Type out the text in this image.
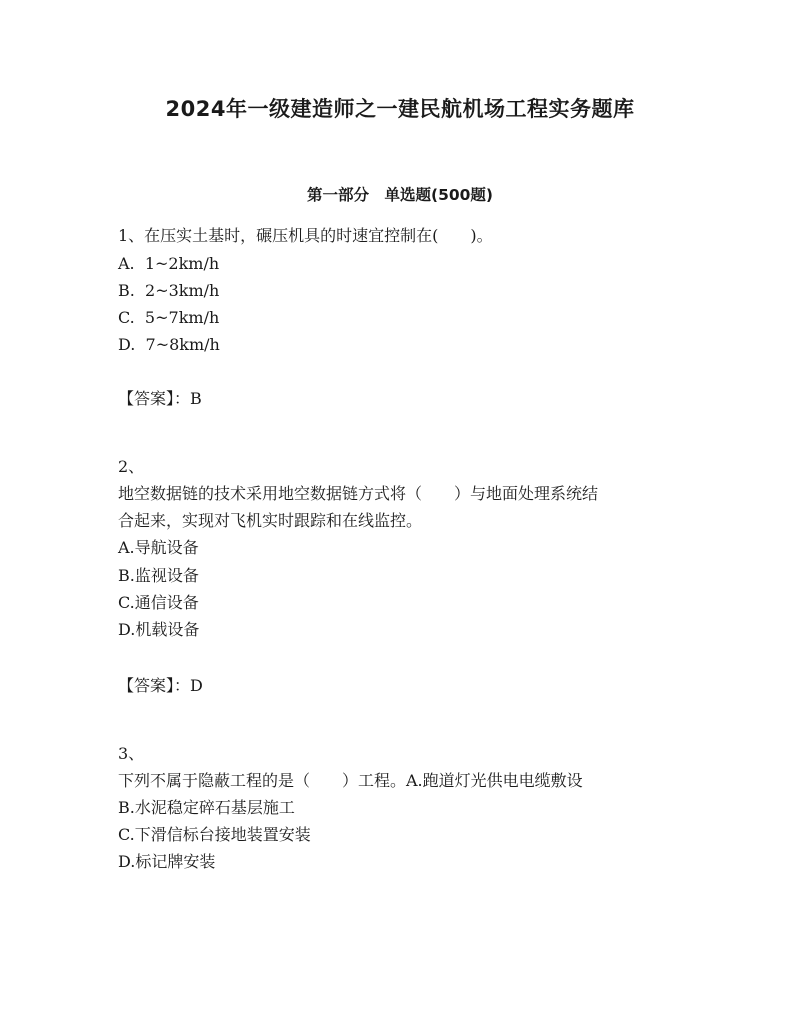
2024年一级建造师之一建民航机场工程实务题库
第一部分　单选题(500题)
1、在压实土基时，碾压机具的时速宜控制在(　　)。
A.  1~2km/h
B.  2~3km/h
C.  5~7km/h
D.  7~8km/h
【答案】：B
2、
地空数据链的技术采用地空数据链方式将（　　）与地面处理系统结
合起来，实现对飞机实时跟踪和在线监控。
A.导航设备
B.监视设备
C.通信设备
D.机载设备
【答案】：D
3、
下列不属于隐蔽工程的是（　　）工程。A.跑道灯光供电电缆敷设
B.水泥稳定碎石基层施工
C.下滑信标台接地装置安装
D.标记牌安装
